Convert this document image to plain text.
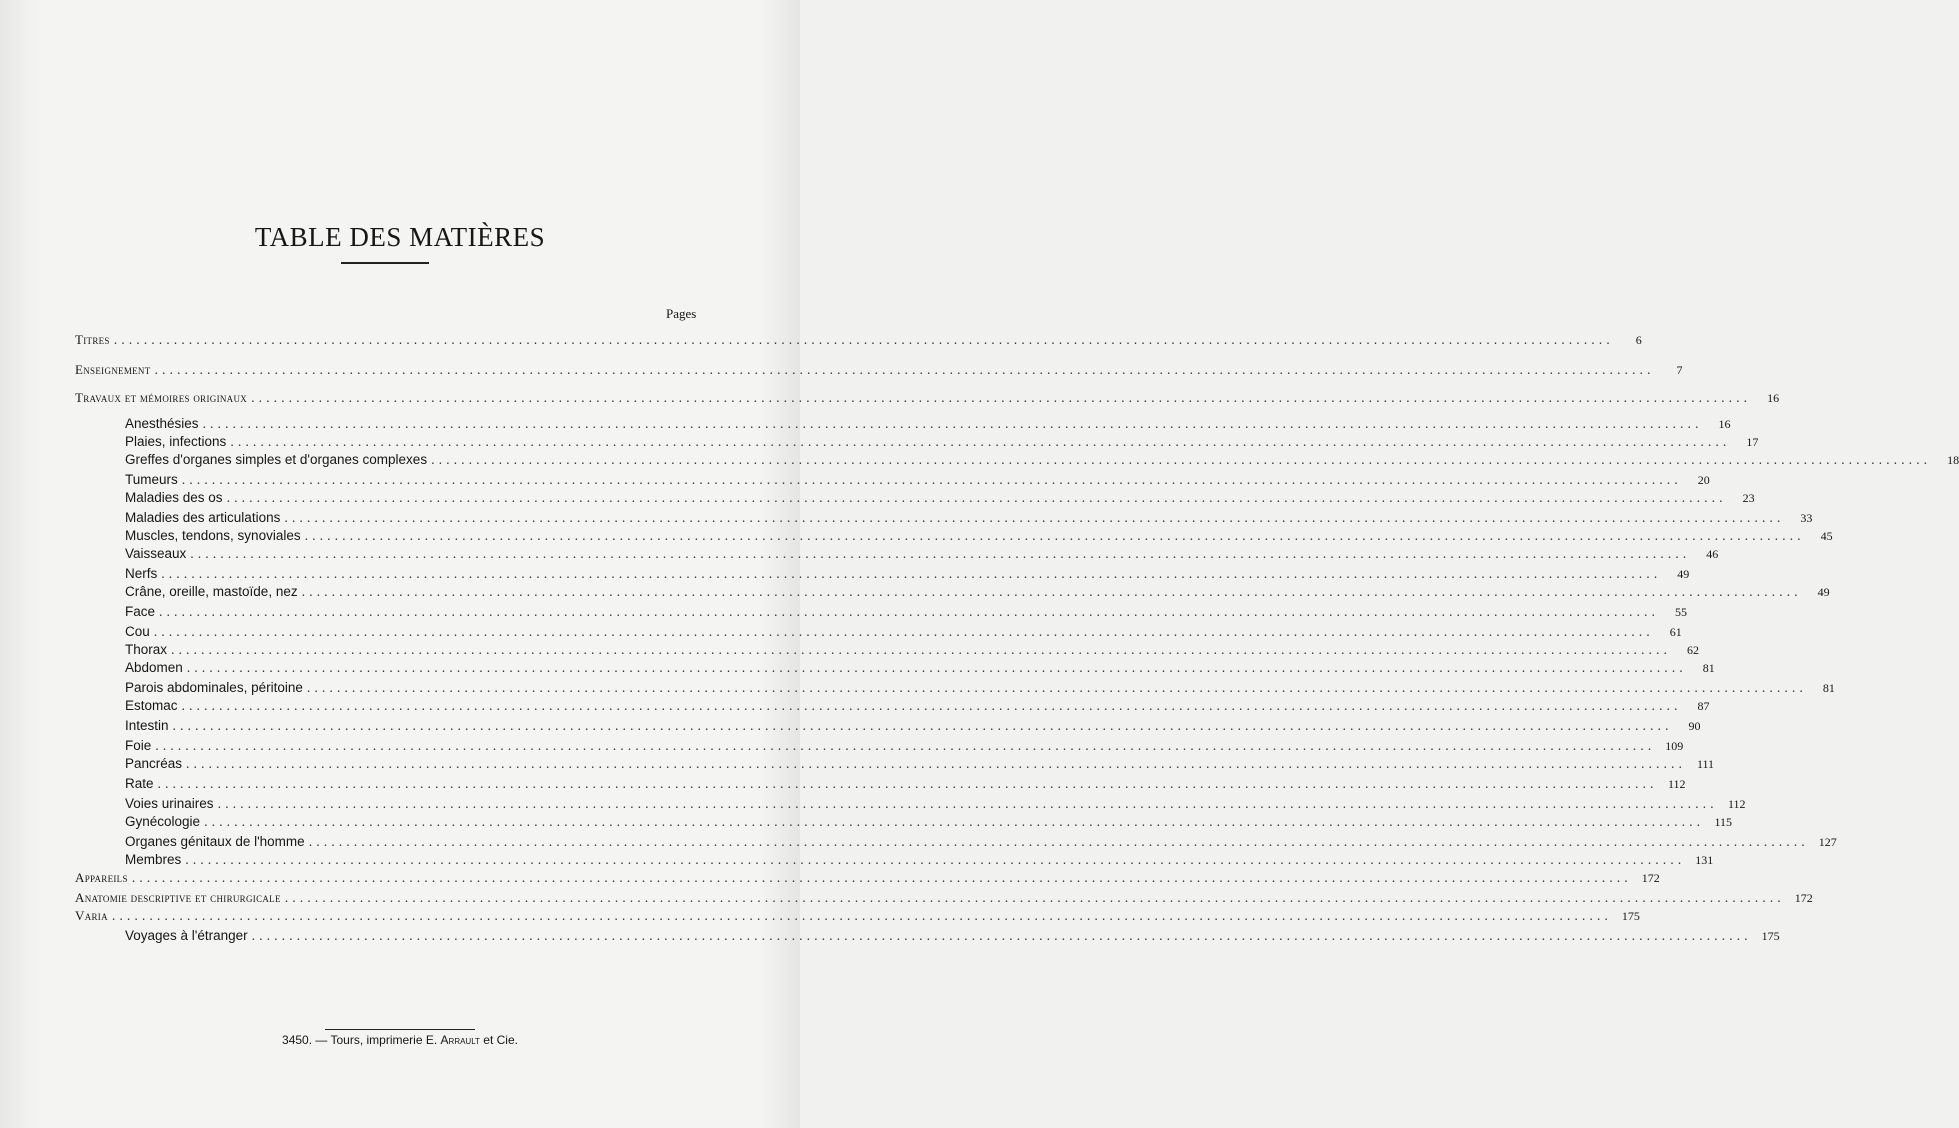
TABLE DES MATIÈRES
Pages
Titres ........................................................................................................................................................................................................	6
Enseignement ........................................................................................................................................................................................................	7
Travaux et mémoires originaux ........................................................................................................................................................................................................	16
Anesthésies ........................................................................................................................................................................................................	16
Plaies, infections ........................................................................................................................................................................................................	17
Greffes d'organes simples et d'organes complexes ........................................................................................................................................................................................................	18
Tumeurs ........................................................................................................................................................................................................	20
Maladies des os ........................................................................................................................................................................................................	23
Maladies des articulations ........................................................................................................................................................................................................	33
Muscles, tendons, synoviales ........................................................................................................................................................................................................	45
Vaisseaux ........................................................................................................................................................................................................	46
Nerfs ........................................................................................................................................................................................................	49
Crâne, oreille, mastoïde, nez ........................................................................................................................................................................................................	49
Face ........................................................................................................................................................................................................	55
Cou ........................................................................................................................................................................................................	61
Thorax ........................................................................................................................................................................................................	62
Abdomen ........................................................................................................................................................................................................	81
Parois abdominales, péritoine ........................................................................................................................................................................................................	81
Estomac ........................................................................................................................................................................................................	87
Intestin ........................................................................................................................................................................................................	90
Foie ........................................................................................................................................................................................................ 109
Pancréas ........................................................................................................................................................................................................ 111
Rate ........................................................................................................................................................................................................ 112
Voies urinaires ........................................................................................................................................................................................................ 112
Gynécologie ........................................................................................................................................................................................................ 115
Organes génitaux de l'homme ........................................................................................................................................................................................................ 127
Membres ........................................................................................................................................................................................................ 131
Appareils ........................................................................................................................................................................................................ 172
Anatomie descriptive et chirurgicale ........................................................................................................................................................................................................ 172
Varia ........................................................................................................................................................................................................ 175
Voyages à l'étranger ........................................................................................................................................................................................................ 175
3450. — Tours, imprimerie E. Arrault et Cie.
